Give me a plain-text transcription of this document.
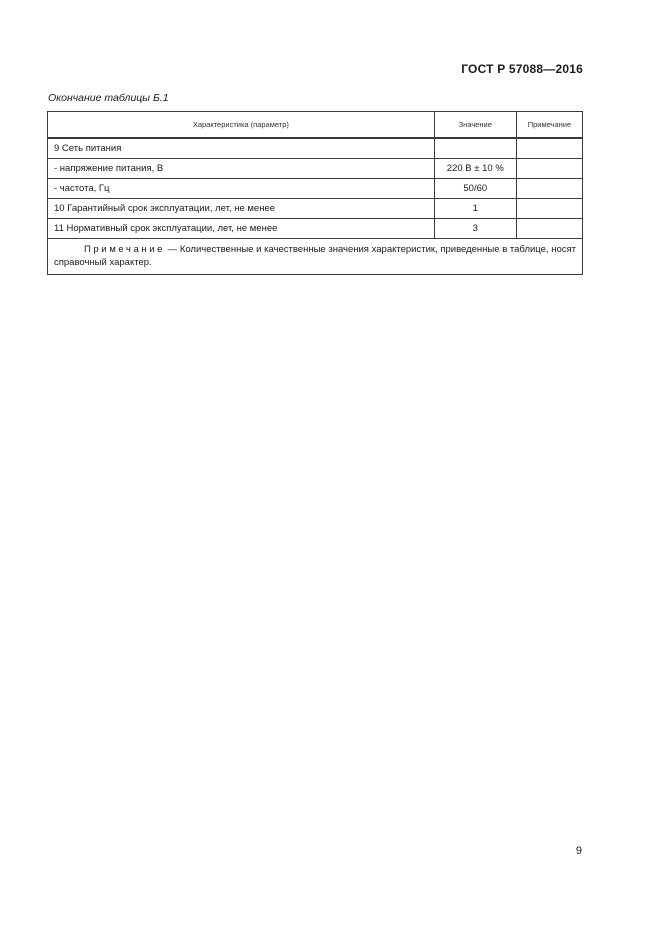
ГОСТ Р 57088—2016
Окончание таблицы Б.1
Характеристика (параметр)	Значение	Примечание
9 Сеть питания		
- напряжение питания, В	220 В ± 10 %	
- частота, Гц	50/60	
10 Гарантийный срок эксплуатации, лет, не менее	1	
11 Нормативный срок эксплуатации, лет, не менее	3	
Примечание — Количественные и качественные значения характеристик, приведенные в таблице, носят справочный характер.		
9
